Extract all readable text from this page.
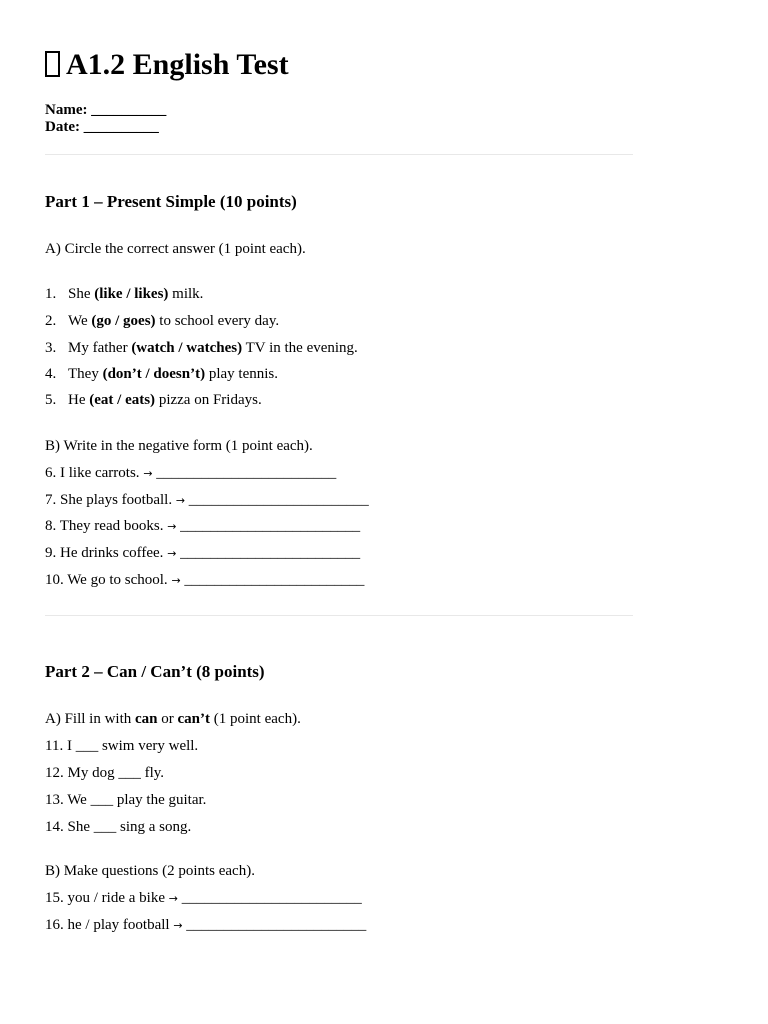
A1.2 English Test
Name: __________
Date: __________
Part 1 – Present Simple (10 points)
A) Circle the correct answer (1 point each).
1. She (like / likes) milk.
2. We (go / goes) to school every day.
3. My father (watch / watches) TV in the evening.
4. They (don’t / doesn’t) play tennis.
5. He (eat / eats) pizza on Fridays.
B) Write in the negative form (1 point each).
6. I like carrots. → ________________________
7. She plays football. → ________________________
8. They read books. → ________________________
9. He drinks coffee. → ________________________
10. We go to school. → ________________________
Part 2 – Can / Can’t (8 points)
A) Fill in with can or can’t (1 point each).
11. I ___ swim very well.
12. My dog ___ fly.
13. We ___ play the guitar.
14. She ___ sing a song.
B) Make questions (2 points each).
15. you / ride a bike → ________________________
16. he / play football → ________________________
